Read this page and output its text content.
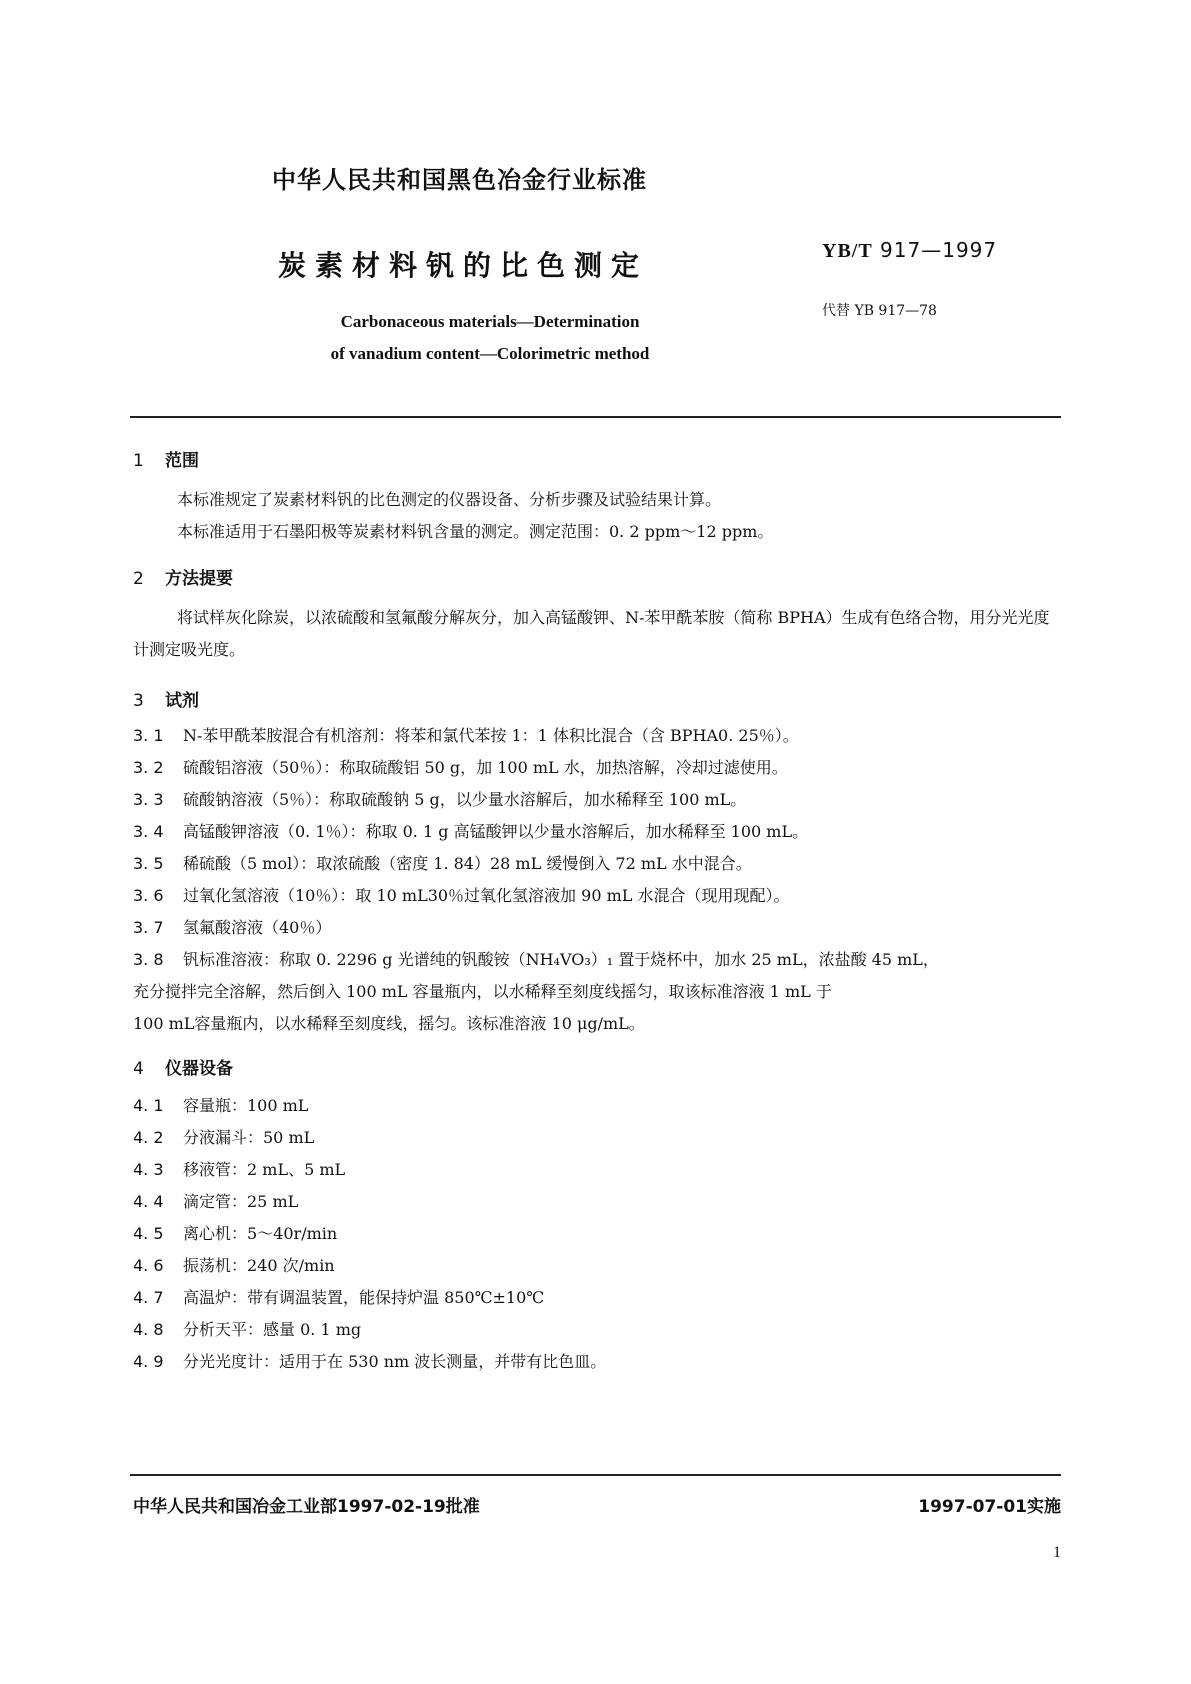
中华人民共和国黑色冶金行业标准
炭素材料钒的比色测定	YB/T 917—1997
代替 YB 917—78
Carbonaceous materials—Determination
of vanadium content—Colorimetric method
1 范围
本标准规定了炭素材料钒的比色测定的仪器设备、分析步骤及试验结果计算。
本标准适用于石墨阳极等炭素材料钒含量的测定。测定范围：0. 2 ppm～12 ppm。
2 方法提要
将试样灰化除炭，以浓硫酸和氢氟酸分解灰分，加入高锰酸钾、N-苯甲酰苯胺（简称 BPHA）生成有色络合物，用分光光度计测定吸光度。
3 试剂
3. 1 N-苯甲酰苯胺混合有机溶剂：将苯和氯代苯按 1：1 体积比混合（含 BPHA0. 25％）。
3. 2 硫酸铝溶液（50％）：称取硫酸铝 50 g，加 100 mL 水，加热溶解，冷却过滤使用。
3. 3 硫酸钠溶液（5％）：称取硫酸钠 5 g，以少量水溶解后，加水稀释至 100 mL。
3. 4 高锰酸钾溶液（0. 1％）：称取 0. 1 g 高锰酸钾以少量水溶解后，加水稀释至 100 mL。
3. 5 稀硫酸（5 mol）：取浓硫酸（密度 1. 84）28 mL 缓慢倒入 72 mL 水中混合。
3. 6 过氧化氢溶液（10％）：取 10 mL30％过氧化氢溶液加 90 mL 水混合（现用现配）。
3. 7 氢氟酸溶液（40％）
3. 8 钒标准溶液：称取 0. 2296 g 光谱纯的钒酸铵（NH₄VO₃）₁ 置于烧杯中，加水 25 mL，浓盐酸 45 mL，
充分搅拌完全溶解，然后倒入 100 mL 容量瓶内，以水稀释至刻度线摇匀，取该标准溶液 1 mL 于
100 mL容量瓶内，以水稀释至刻度线，摇匀。该标准溶液 10 μg/mL。
4 仪器设备
4. 1 容量瓶：100 mL
4. 2 分液漏斗：50 mL
4. 3 移液管：2 mL、5 mL
4. 4 滴定管：25 mL
4. 5 离心机：5～40r/min
4. 6 振荡机：240 次/min
4. 7 高温炉：带有调温装置，能保持炉温 850℃±10℃
4. 8 分析天平：感量 0. 1 mg
4. 9 分光光度计：适用于在 530 nm 波长测量，并带有比色皿。
中华人民共和国冶金工业部1997-02-19批准	1997-07-01实施
1
